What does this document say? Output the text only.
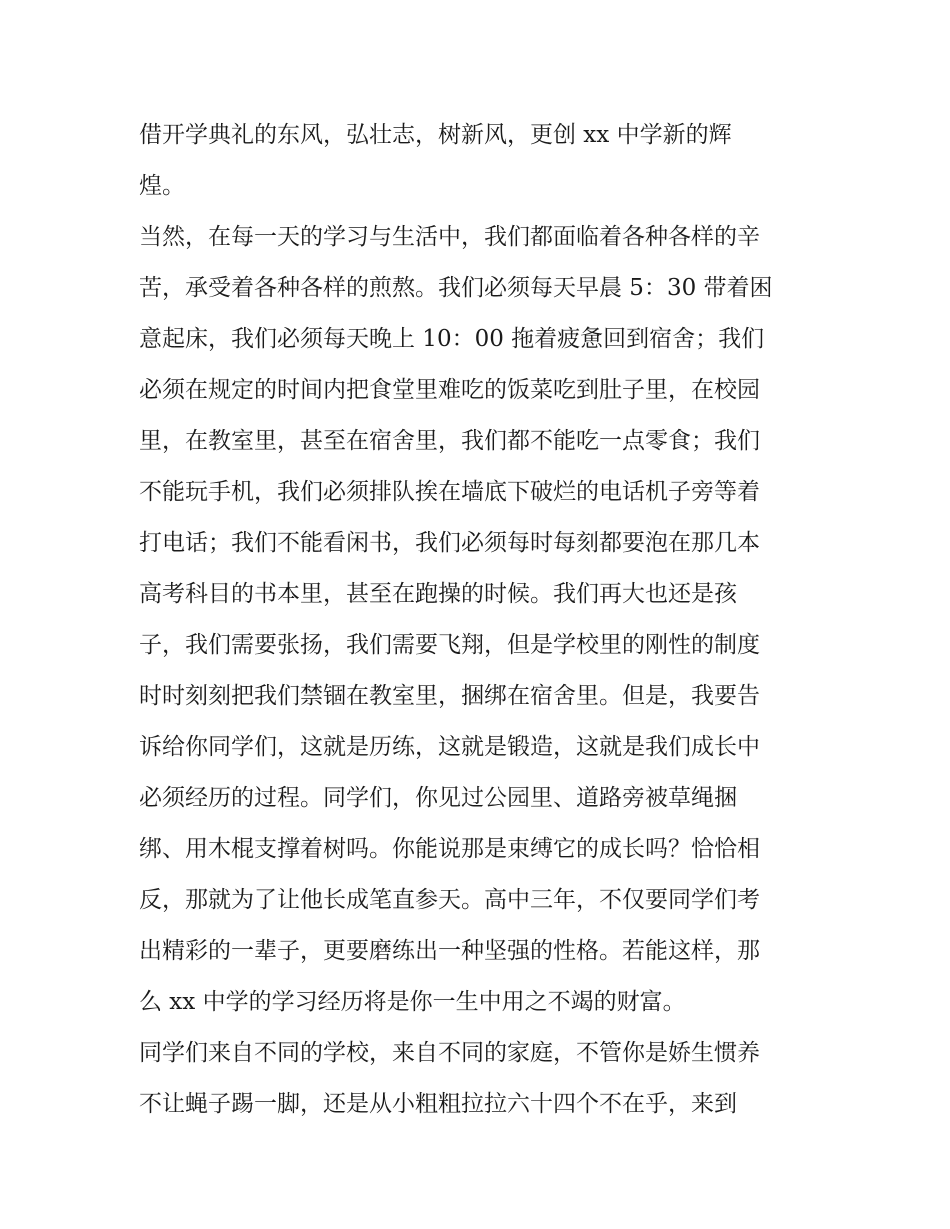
借开学典礼的东风，弘壮志，树新风，更创 xx 中学新的辉
煌。
当然，在每一天的学习与生活中，我们都面临着各种各样的辛
苦，承受着各种各样的煎熬。我们必须每天早晨 5：30 带着困
意起床，我们必须每天晚上 10：00 拖着疲惫回到宿舍；我们
必须在规定的时间内把食堂里难吃的饭菜吃到肚子里，在校园
里，在教室里，甚至在宿舍里，我们都不能吃一点零食；我们
不能玩手机，我们必须排队挨在墙底下破烂的电话机子旁等着
打电话；我们不能看闲书，我们必须每时每刻都要泡在那几本
高考科目的书本里，甚至在跑操的时候。我们再大也还是孩
子，我们需要张扬，我们需要飞翔，但是学校里的刚性的制度
时时刻刻把我们禁锢在教室里，捆绑在宿舍里。但是，我要告
诉给你同学们，这就是历练，这就是锻造，这就是我们成长中
必须经历的过程。同学们，你见过公园里、道路旁被草绳捆
绑、用木棍支撑着树吗。你能说那是束缚它的成长吗？恰恰相
反，那就为了让他长成笔直参天。高中三年，不仅要同学们考
出精彩的一辈子，更要磨练出一种坚强的性格。若能这样，那
么 xx 中学的学习经历将是你一生中用之不竭的财富。
同学们来自不同的学校，来自不同的家庭，不管你是娇生惯养
不让蝇子踢一脚，还是从小粗粗拉拉六十四个不在乎，来到
